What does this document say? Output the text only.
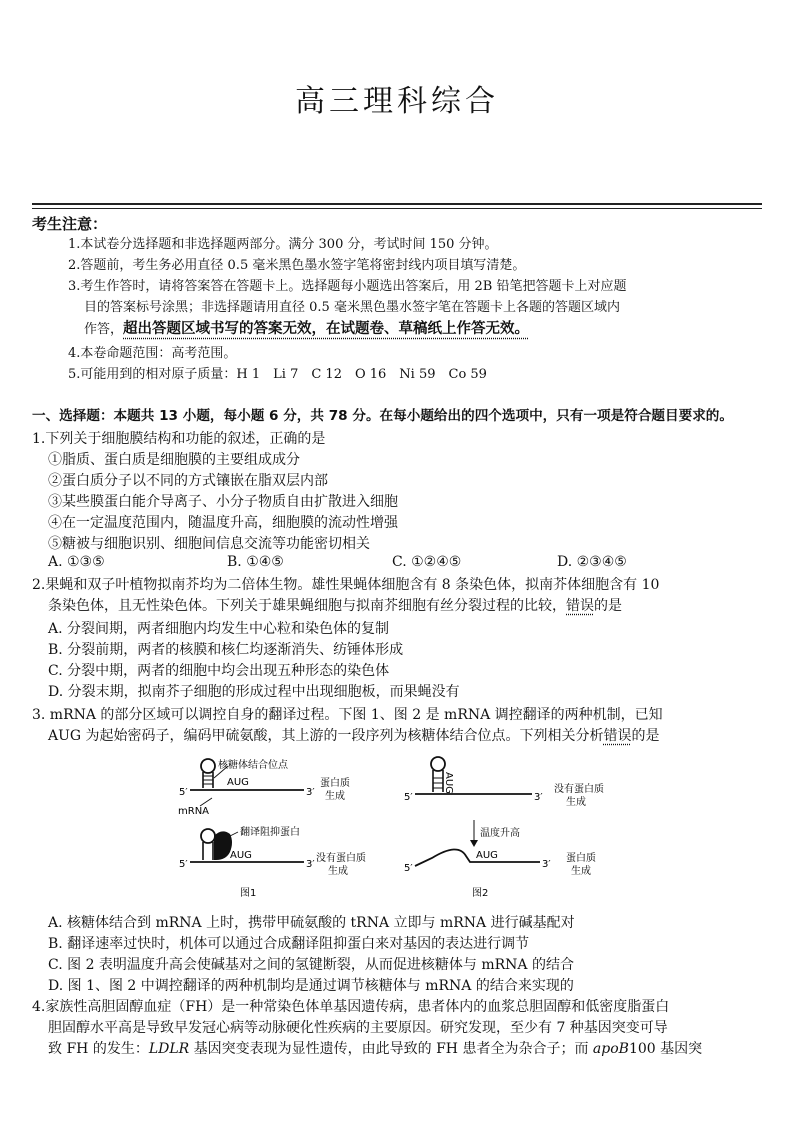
高三理科综合
考生注意：
1.本试卷分选择题和非选择题两部分。满分 300 分，考试时间 150 分钟。
2.答题前，考生务必用直径 0.5 毫米黑色墨水签字笔将密封线内项目填写清楚。
3.考生作答时，请将答案答在答题卡上。选择题每小题选出答案后，用 2B 铅笔把答题卡上对应题
目的答案标号涂黑；非选择题请用直径 0.5 毫米黑色墨水签字笔在答题卡上各题的答题区域内
作答，超出答题区域书写的答案无效，在试题卷、草稿纸上作答无效。
4.本卷命题范围：高考范围。
5.可能用到的相对原子质量：H 1　Li 7　C 12　O 16　Ni 59　Co 59
一、选择题：本题共 13 小题，每小题 6 分，共 78 分。在每小题给出的四个选项中，只有一项是符合题目要求的。
1.下列关于细胞膜结构和功能的叙述，正确的是
①脂质、蛋白质是细胞膜的主要组成成分
②蛋白质分子以不同的方式镶嵌在脂双层内部
③某些膜蛋白能介导离子、小分子物质自由扩散进入细胞
④在一定温度范围内，随温度升高，细胞膜的流动性增强
⑤糖被与细胞识别、细胞间信息交流等功能密切相关
A. ①③⑤	B. ①④⑤	C. ①②④⑤	D. ②③④⑤
2.果蝇和双子叶植物拟南芥均为二倍体生物。雄性果蝇体细胞含有 8 条染色体，拟南芥体细胞含有 10
条染色体，且无性染色体。下列关于雄果蝇细胞与拟南芥细胞有丝分裂过程的比较，错误的是
A. 分裂间期，两者细胞内均发生中心粒和染色体的复制
B. 分裂前期，两者的核膜和核仁均逐渐消失、纺锤体形成
C. 分裂中期，两者的细胞中均会出现五种形态的染色体
D. 分裂末期，拟南芥子细胞的形成过程中出现细胞板，而果蝇没有
3. mRNA 的部分区域可以调控自身的翻译过程。下图 1、图 2 是 mRNA 调控翻译的两种机制，已知
AUG 为起始密码子，编码甲硫氨酸，其上游的一段序列为核糖体结合位点。下列相关分析错误的是
核糖体结合位点
5′
AUG
3′
mRNA
蛋白质
生成
翻译阻抑蛋白
5′
AUG
3′
没有蛋白质
生成
图1
AUG
5′	3′
没有蛋白质
生成
温度升高
5′
AUG
3′
蛋白质
生成
图2
A. 核糖体结合到 mRNA 上时，携带甲硫氨酸的 tRNA 立即与 mRNA 进行碱基配对
B. 翻译速率过快时，机体可以通过合成翻译阻抑蛋白来对基因的表达进行调节
C. 图 2 表明温度升高会使碱基对之间的氢键断裂，从而促进核糖体与 mRNA 的结合
D. 图 1、图 2 中调控翻译的两种机制均是通过调节核糖体与 mRNA 的结合来实现的
4.家族性高胆固醇血症（FH）是一种常染色体单基因遗传病，患者体内的血浆总胆固醇和低密度脂蛋白
胆固醇水平高是导致早发冠心病等动脉硬化性疾病的主要原因。研究发现，至少有 7 种基因突变可导
致 FH 的发生：LDLR 基因突变表现为显性遗传，由此导致的 FH 患者全为杂合子；而 apoB100 基因突
